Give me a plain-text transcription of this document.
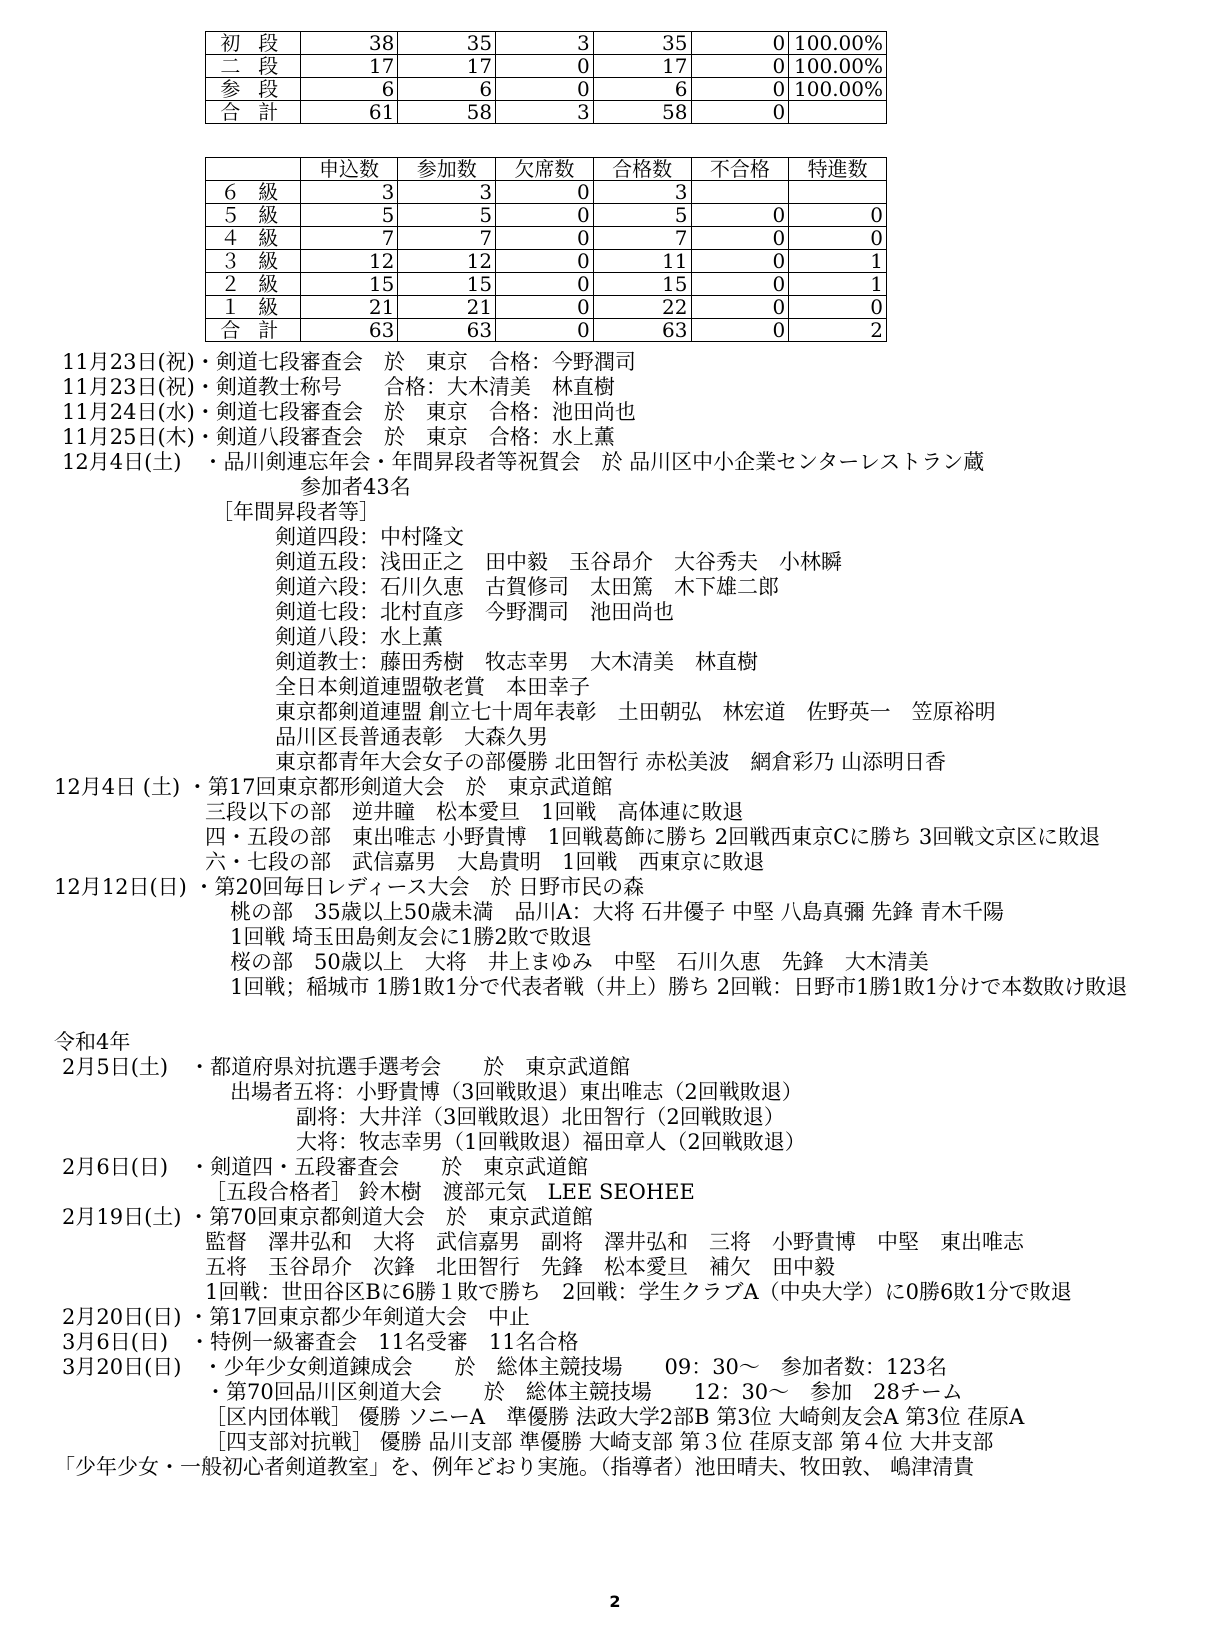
初段	38	35	3	35	0	100.00%
二段	17	17	0	17	0	100.00%
参段	6	6	0	6	0	100.00%
合計	61	58	3	58	0	
	申込数	参加数	欠席数	合格数	不合格	特進数
６級	3	3	0	3		
５級	5	5	0	5	0	0
４級	7	7	0	7	0	0
３級	12	12	0	11	0	1
２級	15	15	0	15	0	1
１級	21	21	0	22	0	0
合計	63	63	0	63	0	2
11月23日(祝)・剣道七段審査会　於　東京　合格：今野潤司
11月23日(祝)・剣道教士称号　　合格：大木清美　林直樹
11月24日(水)・剣道七段審査会　於　東京　合格：池田尚也
11月25日(木)・剣道八段審査会　於　東京　合格：水上薫
12月4日(土)　・品川剣連忘年会・年間昇段者等祝賀会　於 品川区中小企業センターレストラン蔵
参加者43名
［年間昇段者等］
剣道四段：中村隆文
剣道五段：浅田正之　田中毅　玉谷昂介　大谷秀夫　小林瞬
剣道六段：石川久恵　古賀修司　太田篤　木下雄二郎
剣道七段：北村直彦　今野潤司　池田尚也
剣道八段：水上薫
剣道教士：藤田秀樹　牧志幸男　大木清美　林直樹
全日本剣道連盟敬老賞　本田幸子
東京都剣道連盟 創立七十周年表彰　土田朝弘　林宏道　佐野英一　笠原裕明
品川区長普通表彰　大森久男
東京都青年大会女子の部優勝 北田智行 赤松美波　網倉彩乃 山添明日香
12月4日 (土) ・第17回東京都形剣道大会　於　東京武道館
三段以下の部　逆井瞳　松本愛旦　1回戦　高体連に敗退
四・五段の部　東出唯志 小野貴博　1回戦葛飾に勝ち 2回戦西東京Cに勝ち 3回戦文京区に敗退
六・七段の部　武信嘉男　大島貴明　1回戦　西東京に敗退
12月12日(日) ・第20回毎日レディース大会　於 日野市民の森
桃の部　35歳以上50歳未満　品川A：大将 石井優子 中堅 八島真彌 先鋒 青木千陽
1回戦 埼玉田島剣友会に1勝2敗で敗退
桜の部　50歳以上　大将　井上まゆみ　中堅　石川久恵　先鋒　大木清美
1回戦；稲城市 1勝1敗1分で代表者戦（井上）勝ち 2回戦：日野市1勝1敗1分けで本数敗け敗退
令和4年
2月5日(土)　・都道府県対抗選手選考会　　於　東京武道館
出場者五将：小野貴博（3回戦敗退）東出唯志（2回戦敗退）
副将：大井洋（3回戦敗退）北田智行（2回戦敗退）
大将：牧志幸男（1回戦敗退）福田章人（2回戦敗退）
2月6日(日)　・剣道四・五段審査会　　於　東京武道館
［五段合格者］ 鈴木樹　渡部元気　LEE SEOHEE
2月19日(土) ・第70回東京都剣道大会　於　東京武道館
監督　澤井弘和　大将　武信嘉男　副将　澤井弘和　三将　小野貴博　中堅　東出唯志
五将　玉谷昂介　次鋒　北田智行　先鋒　松本愛旦　補欠　田中毅
1回戦：世田谷区Bに6勝１敗で勝ち　2回戦：学生クラブA（中央大学）に0勝6敗1分で敗退
2月20日(日) ・第17回東京都少年剣道大会　中止
3月6日(日)　・特例一級審査会　11名受審　11名合格
3月20日(日)　・少年少女剣道錬成会　　於　総体主競技場　　09：30～　参加者数：123名
・第70回品川区剣道大会　　於　総体主競技場　　12：30～　参加　28チーム
［区内団体戦］ 優勝 ソニーA　準優勝 法政大学2部B 第3位 大崎剣友会A 第3位 荏原A
［四支部対抗戦］ 優勝 品川支部 準優勝 大崎支部 第３位 荏原支部 第４位 大井支部
「少年少女・一般初心者剣道教室」を、例年どおり実施。（指導者）池田晴夫、牧田敦、 嶋津清貴
2
